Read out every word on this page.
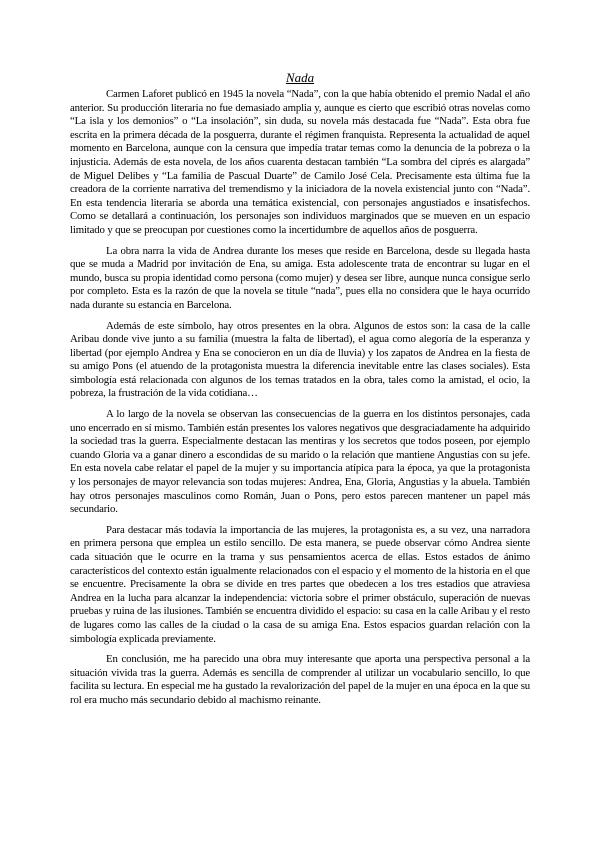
Nada

Carmen Laforet publicó en 1945 la novela “Nada”, con la que había obtenido el premio Nadal el año anterior. Su producción literaria no fue demasiado amplia y, aunque es cierto que escribió otras novelas como “La isla y los demonios” o “La insolación”, sin duda, su novela más destacada fue “Nada”. Esta obra fue escrita en la primera década de la posguerra, durante el régimen franquista. Representa la actualidad de aquel momento en Barcelona, aunque con la censura que impedía tratar temas como la denuncia de la pobreza o la injusticia. Además de esta novela, de los años cuarenta destacan también “La sombra del ciprés es alargada” de Miguel Delibes y “La familia de Pascual Duarte” de Camilo José Cela. Precisamente esta última fue la creadora de la corriente narrativa del tremendismo y la iniciadora de la novela existencial junto con “Nada”. En esta tendencia literaria se aborda una temática existencial, con personajes angustiados e insatisfechos. Como se detallará a continuación, los personajes son individuos marginados que se mueven en un espacio limitado y que se preocupan por cuestiones como la incertidumbre de aquellos años de posguerra.

La obra narra la vida de Andrea durante los meses que reside en Barcelona, desde su llegada hasta que se muda a Madrid por invitación de Ena, su amiga. Esta adolescente trata de encontrar su lugar en el mundo, busca su propia identidad como persona (como mujer) y desea ser libre, aunque nunca consigue serlo por completo. Esta es la razón de que la novela se titule “nada”, pues ella no considera que le haya ocurrido nada durante su estancia en Barcelona.

Además de este símbolo, hay otros presentes en la obra. Algunos de estos son: la casa de la calle Aribau donde vive junto a su familia (muestra la falta de libertad), el agua como alegoría de la esperanza y libertad (por ejemplo Andrea y Ena se conocieron en un día de lluvia) y los zapatos de Andrea en la fiesta de su amigo Pons (el atuendo de la protagonista muestra la diferencia inevitable entre las clases sociales). Esta simbología está relacionada con algunos de los temas tratados en la obra, tales como la amistad, el ocio, la pobreza, la frustración de la vida cotidiana…

A lo largo de la novela se observan las consecuencias de la guerra en los distintos personajes, cada uno encerrado en sí mismo. También están presentes los valores negativos que desgraciadamente ha adquirido la sociedad tras la guerra. Especialmente destacan las mentiras y los secretos que todos poseen, por ejemplo cuando Gloria va a ganar dinero a escondidas de su marido o la relación que mantiene Angustias con su jefe. En esta novela cabe relatar el papel de la mujer y su importancia atípica para la época, ya que la protagonista y los personajes de mayor relevancia son todas mujeres: Andrea, Ena, Gloria, Angustias y la abuela. También hay otros personajes masculinos como Román, Juan o Pons, pero estos parecen mantener un papel más secundario.

Para destacar más todavía la importancia de las mujeres, la protagonista es, a su vez, una narradora en primera persona que emplea un estilo sencillo. De esta manera, se puede observar cómo Andrea siente cada situación que le ocurre en la trama y sus pensamientos acerca de ellas. Estos estados de ánimo característicos del contexto están igualmente relacionados con el espacio y el momento de la historia en el que se encuentre. Precisamente la obra se divide en tres partes que obedecen a los tres estadios que atraviesa Andrea en la lucha para alcanzar la independencia: victoria sobre el primer obstáculo, superación de nuevas pruebas y ruina de las ilusiones. También se encuentra dividido el espacio: su casa en la calle Aribau y el resto de lugares como las calles de la ciudad o la casa de su amiga Ena. Estos espacios guardan relación con la simbología explicada previamente.

En conclusión, me ha parecido una obra muy interesante que aporta una perspectiva personal a la situación vivida tras la guerra. Además es sencilla de comprender al utilizar un vocabulario sencillo, lo que facilita su lectura. En especial me ha gustado la revalorización del papel de la mujer en una época en la que su rol era mucho más secundario debido al machismo reinante.
